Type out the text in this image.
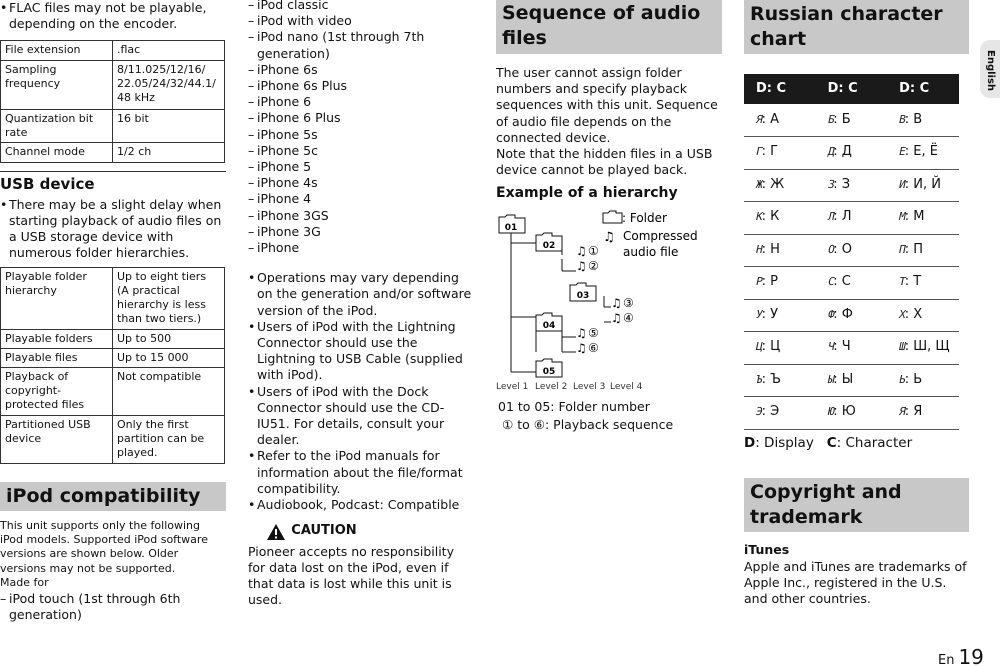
• FLAC files may not be playable, depending on the encoder.

File extension	.flac
Sampling frequency	8/11.025/12/16/ 22.05/24/32/44.1/ 48 kHz
Quantization bit rate	16 bit
Channel mode	1/2 ch
USB device

• There may be a slight delay when starting playback of audio files on a USB storage device with numerous folder hierarchies.

Playable folder hierarchy	Up to eight tiers (A practical hierarchy is less than two tiers.)
Playable folders	Up to 500
Playable files	Up to 15 000
Playback of copyright-protected files	Not compatible
Partitioned USB device	Only the first partition can be played.
iPod compatibility

This unit supports only the following iPod models. Supported iPod software versions are shown below. Older versions may not be supported.

Made for

– iPod touch (1st through 6th generation)

– iPod classic

– iPod with video

– iPod nano (1st through 7th generation)

– iPhone 6s

– iPhone 6s Plus

– iPhone 6

– iPhone 6 Plus

– iPhone 5s

– iPhone 5c

– iPhone 5

– iPhone 4s

– iPhone 4

– iPhone 3GS

– iPhone 3G

– iPhone

• Operations may vary depending on the generation and/or software version of the iPod.

• Users of iPod with the Lightning Connector should use the Lightning to USB Cable (supplied with iPod).

• Users of iPod with the Dock Connector should use the CD-IU51. For details, consult your dealer.

• Refer to the iPod manuals for information about the file/format compatibility.

• Audiobook, Podcast: Compatible

CAUTION

Pioneer accepts no responsibility for data lost on the iPod, even if that data is lost while this unit is used.

Sequence of audio files

The user cannot assign folder numbers and specify playback sequences with this unit. Sequence of audio file depends on the connected device.

Note that the hidden files in a USB device cannot be played back.

Example of a hierarchy

01
02
03
04
05
♫ ①
♫ ②
♫ ③
♫ ④
♫ ⑤
♫ ⑥
: Folder
♫ Compressed
audio file
Level 1 Level 2 Level 3 Level 4

01 to 05: Folder number

① to ⑥: Playback sequence

Russian character chart
D: C	D: C	D: C
Я: А	Б: Б	В: В
Г: Г	Д: Д	Е: Е, Ё
Ж: Ж	З: З	И: И, Й
К: К	Л: Л	М: М
Н: Н	О: О	П: П
Р: Р	С: С	Т: Т
У: У	Ф: Ф	Х: Х
Ц: Ц	Ч: Ч	Ш: Ш, Щ
Ъ: Ъ	Ы: Ы	Ь: Ь
Э: Э	Ю: Ю	Я: Я

D: Display C: Character

Copyright and trademark

iTunes

Apple and iTunes are trademarks of Apple Inc., registered in the U.S. and other countries.

English
En 19
